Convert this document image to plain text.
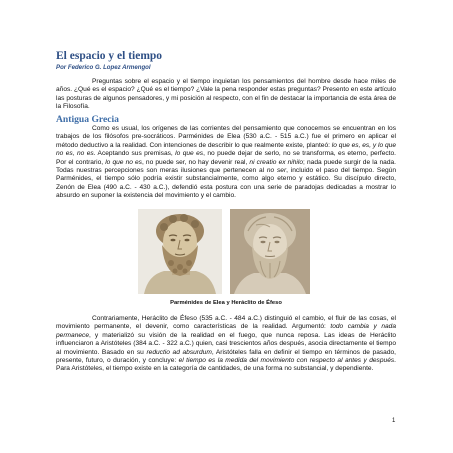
El espacio y el tiempo

Por Federico G. Lopez Armengol

Preguntas sobre el espacio y el tiempo inquietan los pensamientos del hombre desde hace miles de años. ¿Qué es el espacio? ¿Qué es el tiempo? ¿Vale la pena responder estas preguntas? Presento en este artículo las posturas de algunos pensadores, y mi posición al respecto, con el fin de destacar la importancia de esta área de la Filosofía.

Antigua Grecia

Como es usual, los orígenes de las corrientes del pensamiento que conocemos se encuentran en los trabajos de los filósofos pre-socráticos. Parménides de Elea (530 a.C. - 515 a.C.) fue el primero en aplicar el método deductivo a la realidad. Con intenciones de describir lo que realmente existe, planteó: lo que es, es, y lo que no es, no es. Aceptando sus premisas, lo que es, no puede dejar de serlo, no se transforma, es eterno, perfecto. Por el contrario, lo que no es, no puede ser, no hay devenir real, ni creatio ex nihilo; nada puede surgir de la nada. Todas nuestras percepciones son meras ilusiones que pertenecen al no ser, incluido el paso del tiempo. Según Parménides, el tiempo sólo podría existir substancialmente, como algo eterno y estático. Su discípulo directo, Zenón de Elea (490 a.C. - 430 a.C.), defendió esta postura con una serie de paradojas dedicadas a mostrar lo absurdo en suponer la existencia del movimiento y el cambio.

Parménides de Elea y Heráclito de Éfeso

Contrariamente, Heráclito de Éfeso (535 a.C. - 484 a.C.) distinguió el cambio, el fluir de las cosas, el movimiento permanente, el devenir, como características de la realidad. Argumentó: todo cambia y nada permanece, y materializó su visión de la realidad en el fuego, que nunca reposa. Las ideas de Heráclito influenciaron a Aristóteles (384 a.C. - 322 a.C.) quien, casi trescientos años después, asocia directamente el tiempo al movimiento. Basado en su reductio ad absurdum, Aristóteles falla en definir el tiempo en términos de pasado, presente, futuro, o duración, y concluye: el tiempo es la medida del movimiento con respecto al antes y después. Para Aristóteles, el tiempo existe en la categoría de cantidades, de una forma no substancial, y dependiente.

1
